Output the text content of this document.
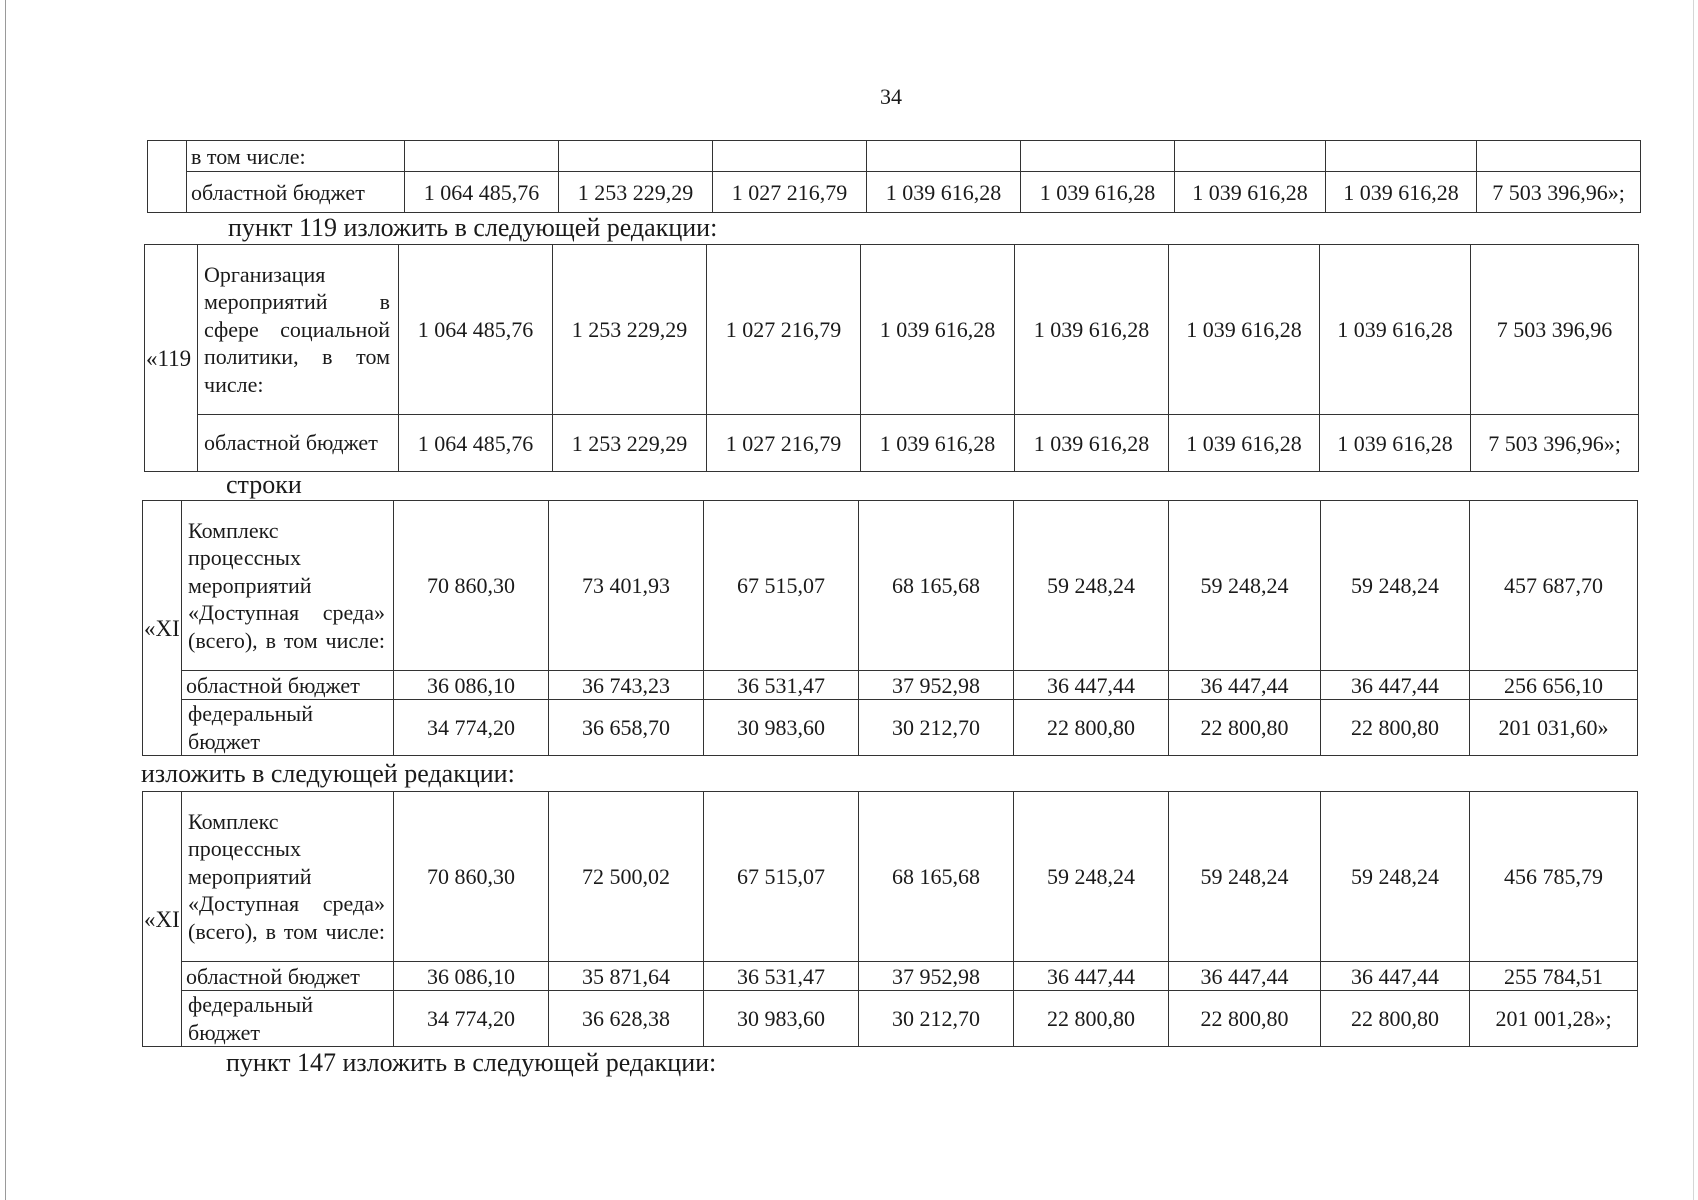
34
	в том числе:								
	областной бюджет	1 064 485,76	1 253 229,29	1 027 216,79	1 039 616,28	1 039 616,28	1 039 616,28	1 039 616,28	7 503 396,96»;
пункт 119 изложить в следующей редакции:
«119	Организация мероприятий в сфере социальной политики, в том числе:	1 064 485,76	1 253 229,29	1 027 216,79	1 039 616,28	1 039 616,28	1 039 616,28	1 039 616,28	7 503 396,96
	областной бюджет	1 064 485,76	1 253 229,29	1 027 216,79	1 039 616,28	1 039 616,28	1 039 616,28	1 039 616,28	7 503 396,96»;
строки
«XI	Комплекс процессных мероприятий «Доступная среда» (всего), в том числе:	70 860,30	73 401,93	67 515,07	68 165,68	59 248,24	59 248,24	59 248,24	457 687,70
	областной бюджет	36 086,10	36 743,23	36 531,47	37 952,98	36 447,44	36 447,44	36 447,44	256 656,10
	федеральный бюджет	34 774,20	36 658,70	30 983,60	30 212,70	22 800,80	22 800,80	22 800,80	201 031,60»
изложить в следующей редакции:
«XI	Комплекс процессных мероприятий «Доступная среда» (всего), в том числе:	70 860,30	72 500,02	67 515,07	68 165,68	59 248,24	59 248,24	59 248,24	456 785,79
	областной бюджет	36 086,10	35 871,64	36 531,47	37 952,98	36 447,44	36 447,44	36 447,44	255 784,51
	федеральный бюджет	34 774,20	36 628,38	30 983,60	30 212,70	22 800,80	22 800,80	22 800,80	201 001,28»;
пункт 147 изложить в следующей редакции:
